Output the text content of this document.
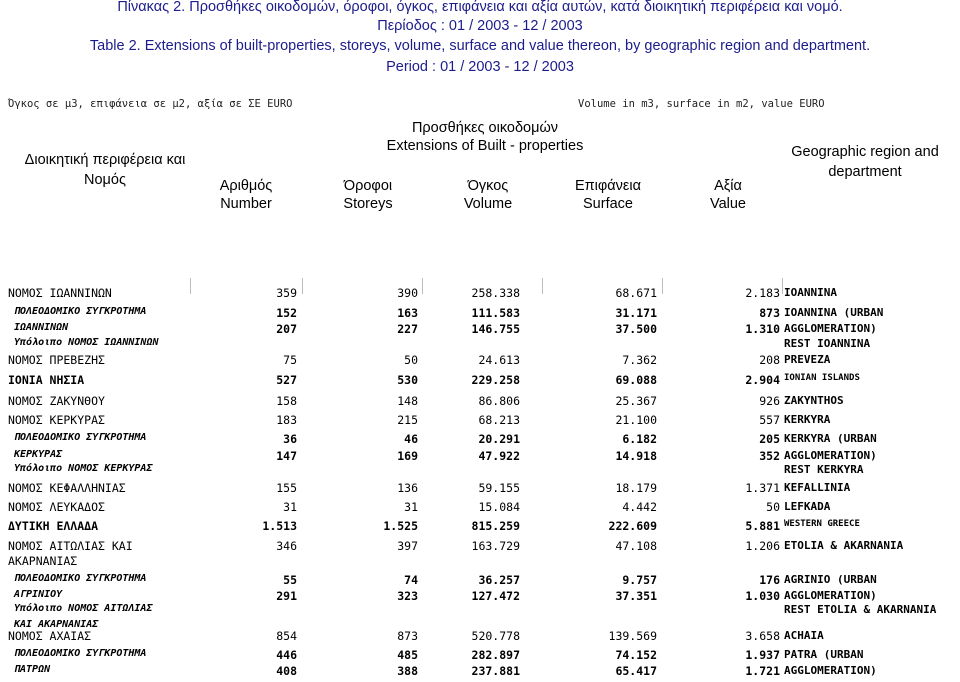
Πίνακας 2. Προσθήκες οικοδομών, όροφοι, όγκος, επιφάνεια και αξία αυτών, κατά διοικητική περιφέρεια και νομό.
Περίοδος : 01 / 2003 - 12 / 2003
Table 2. Extensions of built-properties, storeys, volume, surface and value thereon, by geographic region and department.
Period : 01 / 2003 - 12 / 2003
Όγκος σε μ3, επιφάνεια σε μ2, αξία σε ΣΕ EURO	Volume in m3, surface in m2, value EURO
Διοικητική περιφέρεια και Νομός
Προσθήκες οικοδομών
Extensions of Built - properties
Αριθμός
Number
Όροφοι
Storeys
Όγκος
Volume
Επιφάνεια
Surface
Αξία
Value
Geographic region and department
ΝΟΜΟΣ ΙΩΑΝΝΙΝΩΝ	359	390	258.338	68.671	2.183 IOANNINA
ΠΟΛΕΟΔΟΜΙΚΟ ΣΥΓΚΡΟΤΗΜΑ	152	163	111.583	31.171	873 IOANNINA (URBAN
ΙΩΑΝΝΙΝΩΝ	207	227	146.755	37.500	1.310 AGGLOMERATION)
Υπόλοιπο ΝΟΜΟΣ ΙΩΑΝΝΙΝΩΝ	REST IOANNINA
ΝΟΜΟΣ ΠΡΕΒΕΖΗΣ	75	50	24.613	7.362	208 PREVEZA
ΙΟΝΙΑ ΝΗΣΙΑ	527	530	229.258	69.088	2.904 IONIAN ISLANDS
ΝΟΜΟΣ ΖΑΚΥΝΘΟΥ	158	148	86.806	25.367	926 ZAKYNTHOS
ΝΟΜΟΣ ΚΕΡΚΥΡΑΣ	183	215	68.213	21.100	557 KERKYRA
ΠΟΛΕΟΔΟΜΙΚΟ ΣΥΓΚΡΟΤΗΜΑ	36	46	20.291	6.182	205 KERKYRA (URBAN
ΚΕΡΚΥΡΑΣ	147	169	47.922	14.918	352 AGGLOMERATION)
Υπόλοιπο ΝΟΜΟΣ ΚΕΡΚΥΡΑΣ	REST KERKYRA
ΝΟΜΟΣ ΚΕΦΑΛΛΗΝΙΑΣ	155	136	59.155	18.179	1.371 KEFALLINIA
ΝΟΜΟΣ ΛΕΥΚΑΔΟΣ	31	31	15.084	4.442	50 LEFKADA
ΔΥΤΙΚΗ ΕΛΛΑΔΑ	1.513	1.525	815.259	222.609	5.881 WESTERN GREECE
ΝΟΜΟΣ ΑΙΤΩΛΙΑΣ ΚΑΙ	346	397	163.729	47.108	1.206 ETOLIA & AKARNANIA
ΑΚΑΡΝΑΝΙΑΣ
ΠΟΛΕΟΔΟΜΙΚΟ ΣΥΓΚΡΟΤΗΜΑ	55	74	36.257	9.757	176 AGRINIO (URBAN
ΑΓΡΙΝΙΟΥ	291	323	127.472	37.351	1.030 AGGLOMERATION)
Υπόλοιπο ΝΟΜΟΣ ΑΙΤΩΛΙΑΣ	REST ETOLIA & AKARNANIA
ΚΑΙ ΑΚΑΡΝΑΝΙΑΣ
ΝΟΜΟΣ ΑΧΑΙΑΣ	854	873	520.778	139.569	3.658 ACHAIA
ΠΟΛΕΟΔΟΜΙΚΟ ΣΥΓΚΡΟΤΗΜΑ	446	485	282.897	74.152	1.937 PATRA (URBAN
ΠΑΤΡΩΝ	408	388	237.881	65.417	1.721 AGGLOMERATION)
